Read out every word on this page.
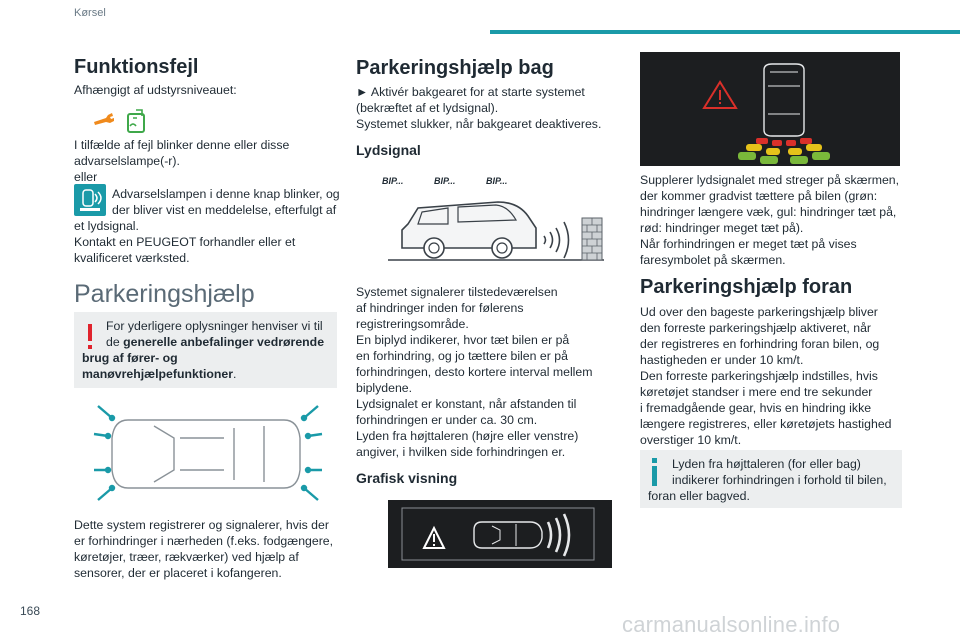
Kørsel
Funktionsfejl

Afhængigt af udstyrsniveauet:

I tilfælde af fejl blinker denne eller disse

advarselslampe(-r).

eller

Advarselslampen i denne knap blinker, og

der bliver vist en meddelelse, efterfulgt af

et lydsignal.

Kontakt en PEUGEOT forhandler eller et

kvalificeret værksted.

Parkeringshjælp

For yderligere oplysninger henviser vi til

de generelle anbefalinger vedrørende

brug af fører- og

manøvrehjælpefunktioner.

Dette system registrerer og signalerer, hvis der

er forhindringer i nærheden (f.eks. fodgængere,

køretøjer, træer, rækværker) ved hjælp af

sensorer, der er placeret i kofangeren.

Parkeringshjælp bag

► Aktivér bakgearet for at starte systemet

(bekræftet af et lydsignal).

Systemet slukker, når bakgearet deaktiveres.

Lydsignal
BIP...	BIP...	BIP...

Systemet signalerer tilstedeværelsen

af hindringer inden for følerens

registreringsområde.

En biplyd indikerer, hvor tæt bilen er på

en forhindring, og jo tættere bilen er på

forhindringen, desto kortere interval mellem

biplydene.

Lydsignalet er konstant, når afstanden til

forhindringen er under ca. 30 cm.

Lyden fra højttaleren (højre eller venstre)

angiver, i hvilken side forhindringen er.

Grafisk visning

Supplerer lydsignalet med streger på skærmen,

der kommer gradvist tættere på bilen (grøn:

hindringer længere væk, gul: hindringer tæt på,

rød: hindringer meget tæt på).

Når forhindringen er meget tæt på vises

faresymbolet på skærmen.

Parkeringshjælp foran

Ud over den bageste parkeringshjælp bliver

den forreste parkeringshjælp aktiveret, når

der registreres en forhindring foran bilen, og

hastigheden er under 10 km/t.

Den forreste parkeringshjælp indstilles, hvis

køretøjet standser i mere end tre sekunder

i fremadgående gear, hvis en hindring ikke

længere registreres, eller køretøjets hastighed

overstiger 10 km/t.

Lyden fra højttaleren (for eller bag)

indikerer forhindringen i forhold til bilen,

foran eller bagved.

168
carmanualsonline.info
